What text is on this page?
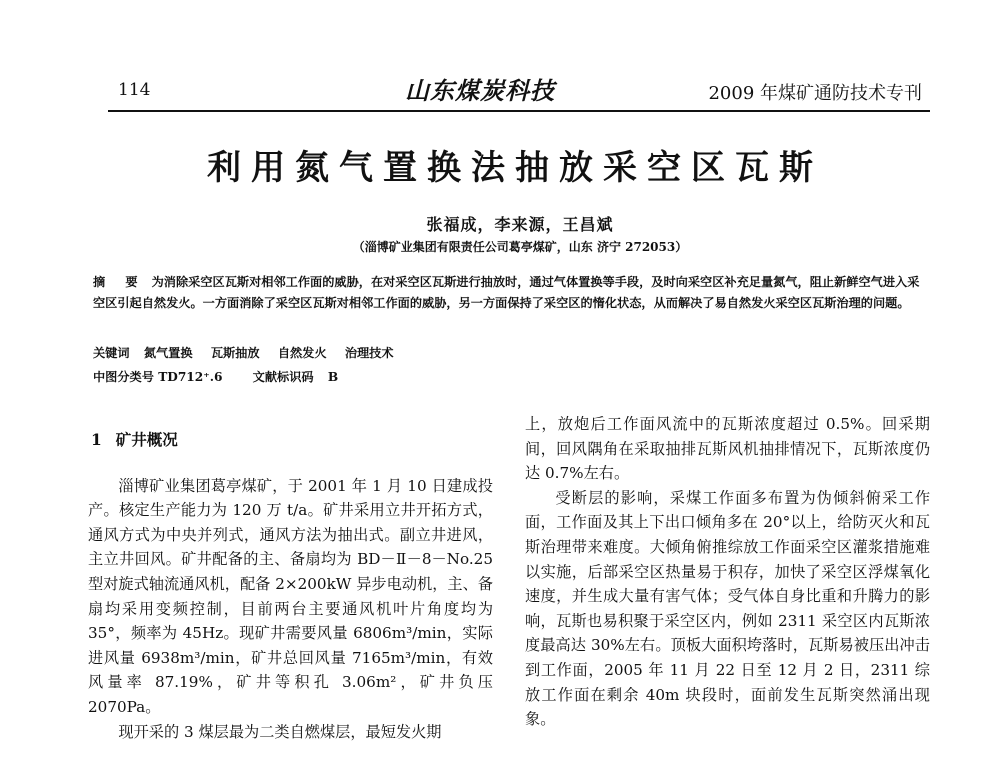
114	山东煤炭科技	2009 年煤矿通防技术专刊
利用氮气置换法抽放采空区瓦斯
张福成，李来源，王昌斌
（淄博矿业集团有限责任公司葛亭煤矿，山东 济宁 272053）
摘 要 为消除采空区瓦斯对相邻工作面的威胁，在对采空区瓦斯进行抽放时，通过气体置换等手段，及时向采空区补充足量氮气，阻止新鲜空气进入采空区引起自然发火。一方面消除了采空区瓦斯对相邻工作面的威胁，另一方面保持了采空区的惰化状态，从而解决了易自然发火采空区瓦斯治理的问题。
关键词 氮气置换 瓦斯抽放 自然发火 治理技术
中图分类号 TD712⁺.6 文献标识码 B
1 矿井概况

淄博矿业集团葛亭煤矿，于 2001 年 1 月 10 日建成投产。核定生产能力为 120 万 t/a。矿井采用立井开拓方式，通风方式为中央并列式，通风方法为抽出式。副立井进风，主立井回风。矿井配备的主、备扇均为 BD－Ⅱ－8－No.25 型对旋式轴流通风机，配备 2×200kW 异步电动机，主、备扇均采用变频控制，目前两台主要通风机叶片角度均为 35°，频率为 45Hz。现矿井需要风量 6806m³/min，实际进风量 6938m³/min，矿井总回风量 7165m³/min，有效风量率 87.19%，矿井等积孔 3.06m²，矿井负压 2070Pa。

现开采的 3 煤层最为二类自燃煤层，最短发火期

上，放炮后工作面风流中的瓦斯浓度超过 0.5%。回采期间，回风隅角在采取抽排瓦斯风机抽排情况下，瓦斯浓度仍达 0.7%左右。

受断层的影响，采煤工作面多布置为伪倾斜俯采工作面，工作面及其上下出口倾角多在 20°以上，给防灭火和瓦斯治理带来难度。大倾角俯推综放工作面采空区灌浆措施难以实施，后部采空区热量易于积存，加快了采空区浮煤氧化速度，并生成大量有害气体；受气体自身比重和升腾力的影响，瓦斯也易积聚于采空区内，例如 2311 采空区内瓦斯浓度最高达 30%左右。顶板大面积垮落时，瓦斯易被压出冲击到工作面，2005 年 11 月 22 日至 12 月 2 日，2311 综放工作面在剩余 40m 块段时，面前发生瓦斯突然涌出现象。
